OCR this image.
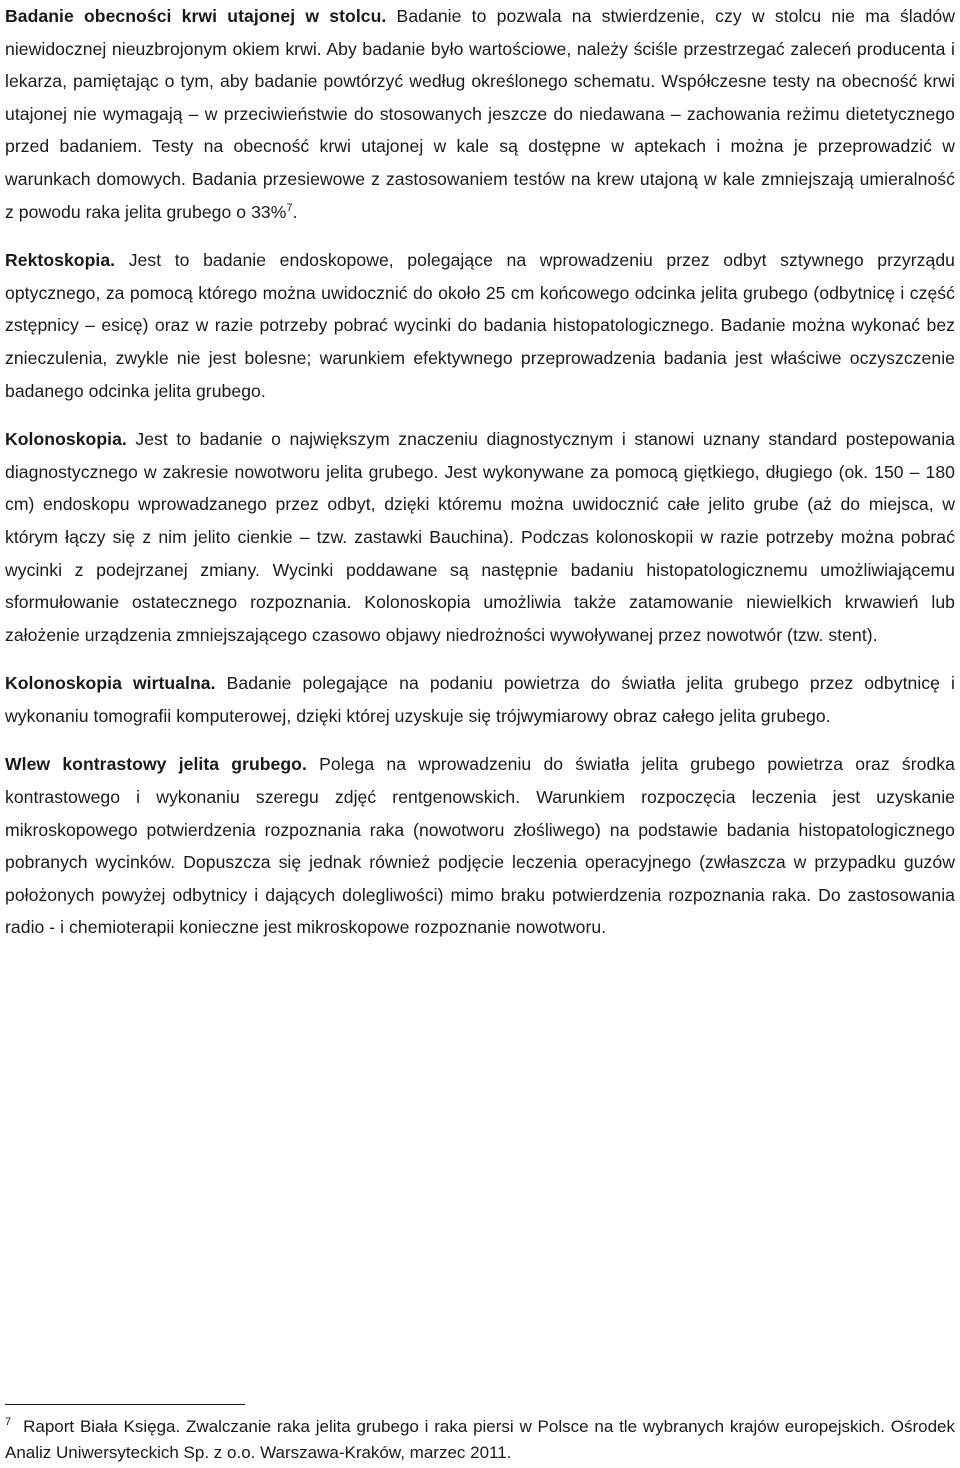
Badanie obecności krwi utajonej w stolcu. Badanie to pozwala na stwierdzenie, czy w stolcu nie ma śladów niewidocznej nieuzbrojonym okiem krwi. Aby badanie było wartościowe, należy ściśle przestrzegać zaleceń producenta i lekarza, pamiętając o tym, aby badanie powtórzyć według określonego schematu. Współczesne testy na obecność krwi utajonej nie wymagają – w przeciwieństwie do stosowanych jeszcze do niedawana – zachowania reżimu dietetycznego przed badaniem. Testy na obecność krwi utajonej w kale są dostępne w aptekach i można je przeprowadzić w warunkach domowych. Badania przesiewowe z zastosowaniem testów na krew utajoną w kale zmniejszają umieralność z powodu raka jelita grubego o 33%$^7$.

Rektoskopia. Jest to badanie endoskopowe, polegające na wprowadzeniu przez odbyt sztywnego przyrządu optycznego, za pomocą którego można uwidocznić do około 25 cm końcowego odcinka jelita grubego (odbytnicę i część zstępnicy – esicę) oraz w razie potrzeby pobrać wycinki do badania histopatologicznego. Badanie można wykonać bez znieczulenia, zwykle nie jest bolesne; warunkiem efektywnego przeprowadzenia badania jest właściwe oczyszczenie badanego odcinka jelita grubego.

Kolonoskopia. Jest to badanie o największym znaczeniu diagnostycznym i stanowi uznany standard postepowania diagnostycznego w zakresie nowotworu jelita grubego. Jest wykonywane za pomocą giętkiego, długiego (ok. 150 – 180 cm) endoskopu wprowadzanego przez odbyt, dzięki któremu można uwidocznić całe jelito grube (aż do miejsca, w którym łączy się z nim jelito cienkie – tzw. zastawki Bauchina). Podczas kolonoskopii w razie potrzeby można pobrać wycinki z podejrzanej zmiany. Wycinki poddawane są następnie badaniu histopatologicznemu umożliwiającemu sformułowanie ostatecznego rozpoznania. Kolonoskopia umożliwia także zatamowanie niewielkich krwawień lub założenie urządzenia zmniejszającego czasowo objawy niedrożności wywoływanej przez nowotwór (tzw. stent).

Kolonoskopia wirtualna. Badanie polegające na podaniu powietrza do światła jelita grubego przez odbytnicę i wykonaniu tomografii komputerowej, dzięki której uzyskuje się trójwymiarowy obraz całego jelita grubego.

Wlew kontrastowy jelita grubego. Polega na wprowadzeniu do światła jelita grubego powietrza oraz środka kontrastowego i wykonaniu szeregu zdjęć rentgenowskich. Warunkiem rozpoczęcia leczenia jest uzyskanie mikroskopowego potwierdzenia rozpoznania raka (nowotworu złośliwego) na podstawie badania histopatologicznego pobranych wycinków. Dopuszcza się jednak również podjęcie leczenia operacyjnego (zwłaszcza w przypadku guzów położonych powyżej odbytnicy i dających dolegliwości) mimo braku potwierdzenia rozpoznania raka. Do zastosowania radio - i chemioterapii konieczne jest mikroskopowe rozpoznanie nowotworu.

$^7$ Raport Biała Księga. Zwalczanie raka jelita grubego i raka piersi w Polsce na tle wybranych krajów europejskich. Ośrodek Analiz Uniwersyteckich Sp. z o.o. Warszawa-Kraków, marzec 2011.
